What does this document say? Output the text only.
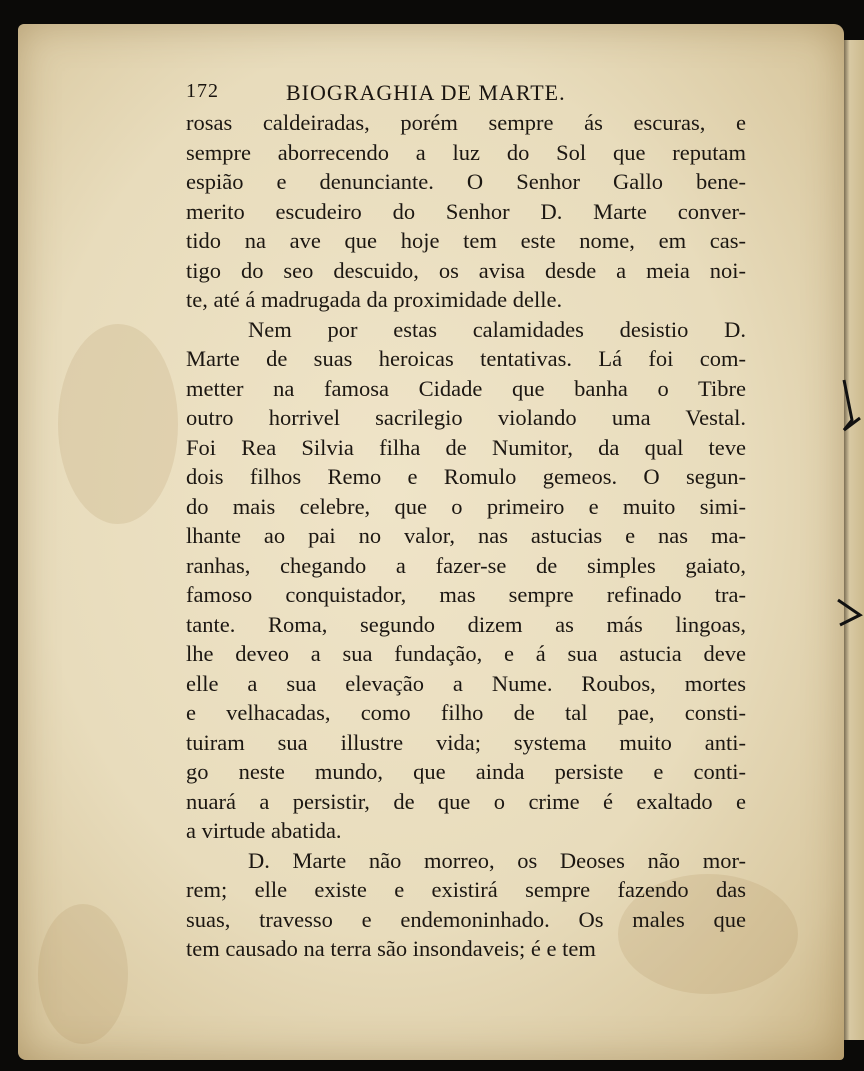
172	BIOGRAGHIA DE MARTE.
rosas caldeiradas, porém sempre ás escuras, e
sempre aborrecendo a luz do Sol que reputam
espião e denunciante. O Senhor Gallo bene-
merito escudeiro do Senhor D. Marte conver-
tido na ave que hoje tem este nome, em cas-
tigo do seo descuido, os avisa desde a meia noi-
te, até á madrugada da proximidade delle.
Nem por estas calamidades desistio D.
Marte de suas heroicas tentativas. Lá foi com-
metter na famosa Cidade que banha o Tibre
outro horrivel sacrilegio violando uma Vestal.
Foi Rea Silvia filha de Numitor, da qual teve
dois filhos Remo e Romulo gemeos. O segun-
do mais celebre, que o primeiro e muito simi-
lhante ao pai no valor, nas astucias e nas ma-
ranhas, chegando a fazer-se de simples gaiato,
famoso conquistador, mas sempre refinado tra-
tante. Roma, segundo dizem as más lingoas,
lhe deveo a sua fundação, e á sua astucia deve
elle a sua elevação a Nume. Roubos, mortes
e velhacadas, como filho de tal pae, consti-
tuiram sua illustre vida; systema muito anti-
go neste mundo, que ainda persiste e conti-
nuará a persistir, de que o crime é exaltado e
a virtude abatida.
D. Marte não morreo, os Deoses não mor-
rem; elle existe e existirá sempre fazendo das
suas, travesso e endemoninhado. Os males que
tem causado na terra são insondaveis; é e tem
